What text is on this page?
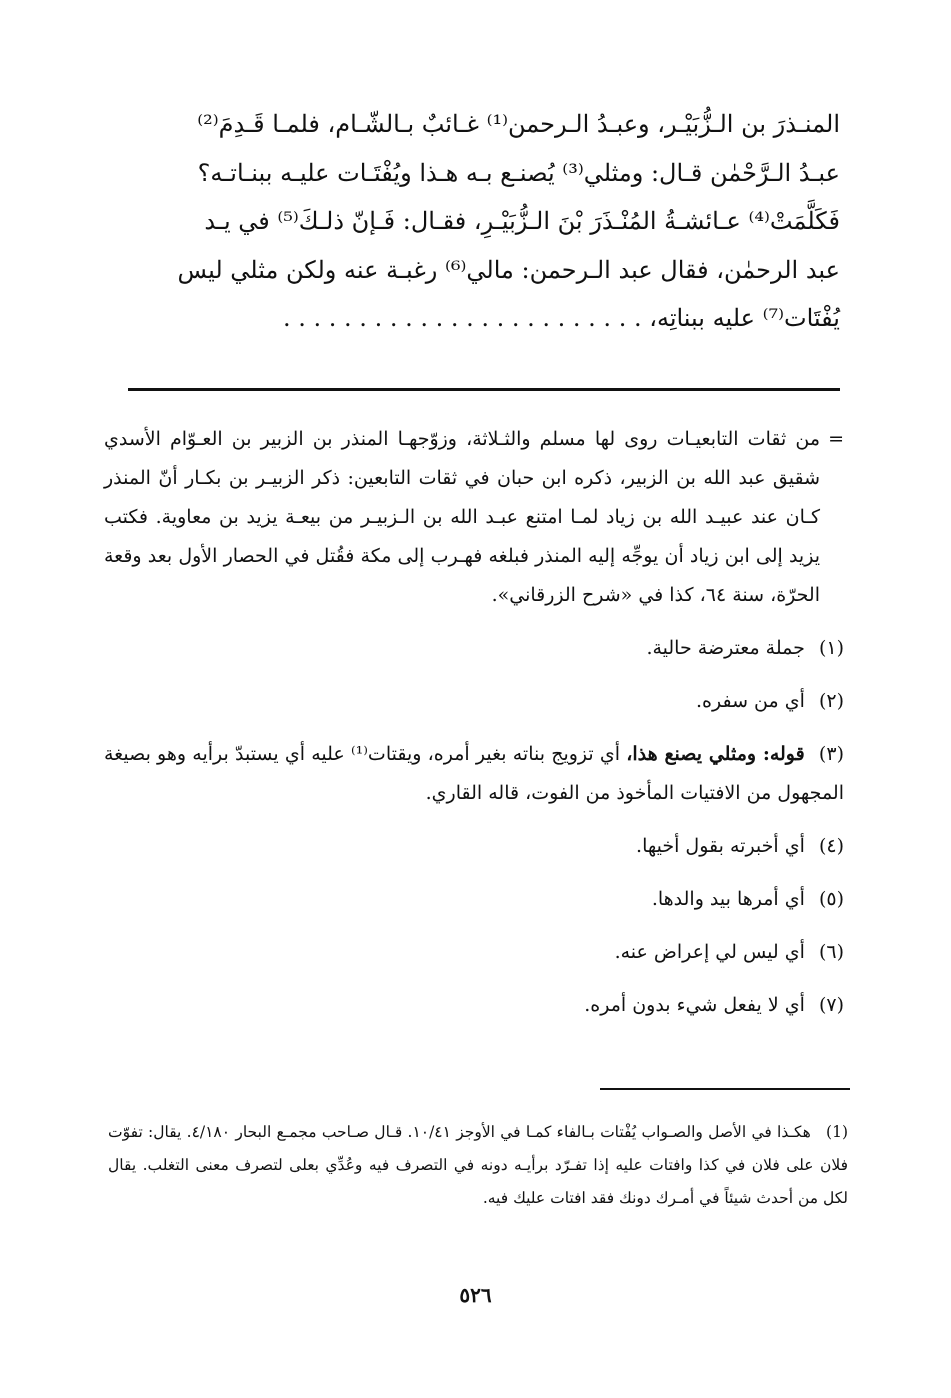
المنـذرَ بن الـزُّبَيْـر، وعبـدُ الـرحمن⁽¹⁾ غـائبٌ بـالشّـام، فلمـا قَـدِمَ⁽²⁾

عبـدُ الـرَّحْمٰن قـال: ومثلي⁽³⁾ يُصنـع بـه هـذا ويُفْتَـات عليـه ببنـاتـه؟

فَكَلَّمَتْ⁽⁴⁾ عـائشـةُ المُنْـذَرَ بْنَ الـزُّبَيْـرِ، فقـال: فَـإنّ ذلـكَ⁽⁵⁾ في يـد

عبد الرحمٰن، فقال عبد الـرحمن: مالي⁽⁶⁾ رغبـة عنه ولكن مثلي ليس

يُفْتَات⁽⁷⁾ عليه ببناتِه، . . . . . . . . . . . . . . . . . . . . . . . .

=
من ثقات التابعيـات روى لها مسلم والثـلاثة، وزوّجهـا المنذر بن الزبير بن العـوّام الأسدي شقيق عبد الله بن الزبير، ذكره ابن حبان في ثقات التابعين: ذكر الزبيـر بن بكـار أنّ المنذر كـان عند عبيـد الله بن زياد لمـا امتنع عبـد الله بن الـزبيـر من بيعـة يزيد بن معاوية. فكتب يزيد إلى ابن زياد أن يوجِّه إليه المنذر فبلغه فهـرب إلى مكة فقُتل في الحصار الأول بعد وقعة الحرّة، سنة ٦٤، كذا في «شرح الزرقاني».

(١) جملة معترضة حالية.

(٢) أي من سفره.

(٣) قوله: ومثلي يصنع هذا، أي تزويج بناته بغير أمره، ويقتات⁽¹⁾ عليه أي يستبدّ برأيه وهو بصيغة المجهول من الافتيات المأخوذ من الفوت، قاله القاري.

(٤) أي أخبرته بقول أخيها.

(٥) أي أمرها بيد والدها.

(٦) أي ليس لي إعراض عنه.

(٧) أي لا يفعل شيء بدون أمره.

(1) هكـذا في الأصل والصـواب يُفْتات بـالفاء كمـا في الأوجز ١٠/٤١. قـال صـاحب مجمـع البحار ٤/١٨٠. يقال: تفوّت فلان على فلان في كذا وافتات عليه إذا تفـرّد برأيـه دونه في التصرف فيه وعُدِّي بعلى لتصرف معنى التغلب. يقال لكل من أحدث شيئاً في أمـرك دونك فقد افتات عليك فيه.

٥٢٦
